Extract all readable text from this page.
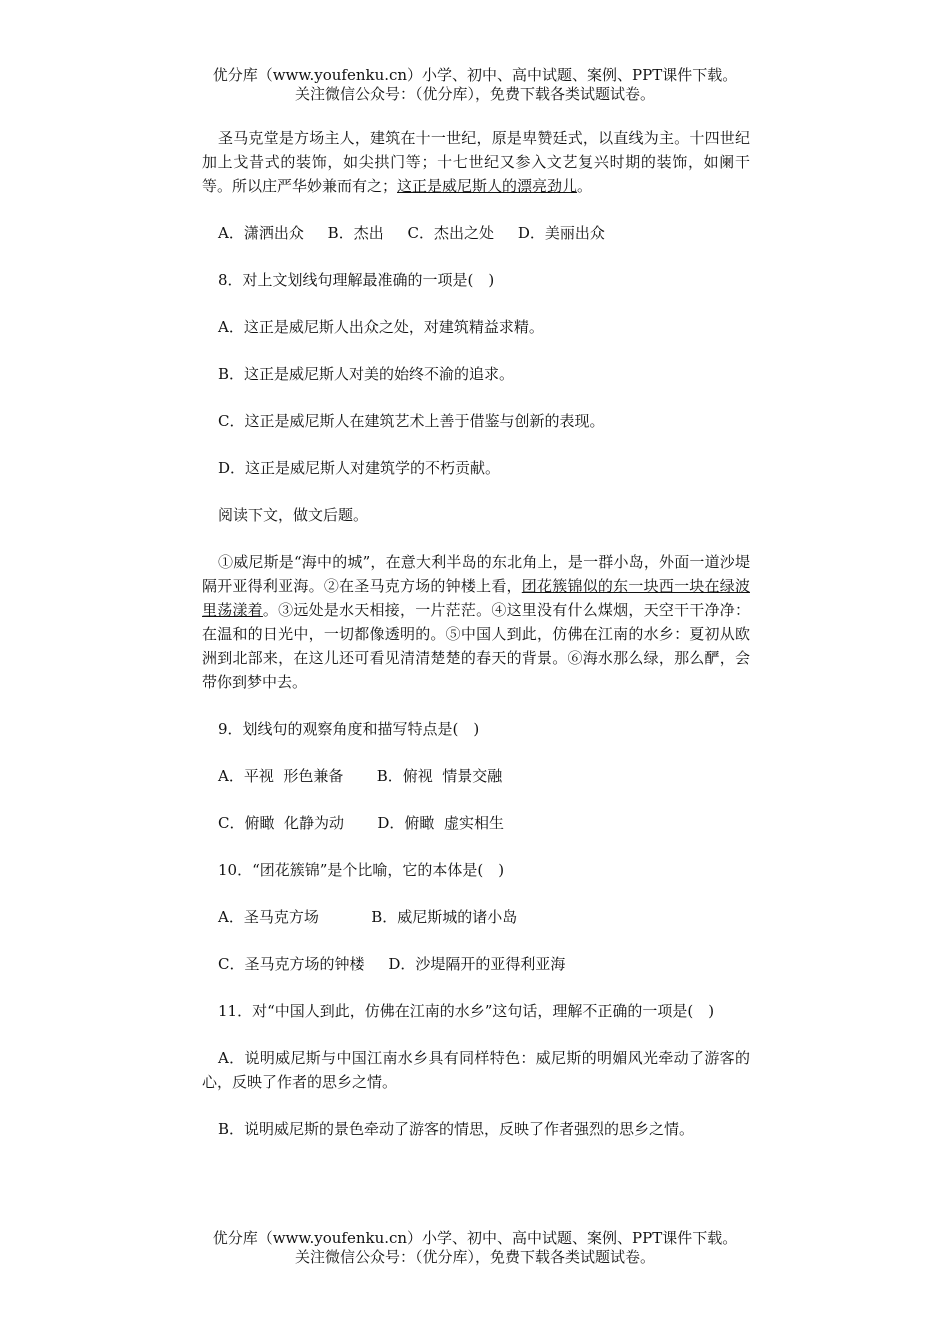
优分库（www.youfenku.cn）小学、初中、高中试题、案例、PPT课件下载。
关注微信公众号：（优分库），免费下载各类试题试卷。

圣马克堂是方场主人，建筑在十一世纪，原是卑赞廷式，以直线为主。十四世纪加上戈昔式的装饰，如尖拱门等；十七世纪又参入文艺复兴时期的装饰，如阑干等。所以庄严华妙兼而有之；这正是威尼斯人的漂亮劲儿。

A．潇洒出众     B．杰出     C．杰出之处     D．美丽出众

8．对上文划线句理解最准确的一项是(　)

A．这正是威尼斯人出众之处，对建筑精益求精。

B．这正是威尼斯人对美的始终不渝的追求。

C．这正是威尼斯人在建筑艺术上善于借鉴与创新的表现。

D．这正是威尼斯人对建筑学的不朽贡献。

阅读下文，做文后题。

①威尼斯是“海中的城”，在意大利半岛的东北角上，是一群小岛，外面一道沙堤隔开亚得利亚海。②在圣马克方场的钟楼上看，团花簇锦似的东一块西一块在绿波里荡漾着。③远处是水天相接，一片茫茫。④这里没有什么煤烟，天空干干净净：在温和的日光中，一切都像透明的。⑤中国人到此，仿佛在江南的水乡：夏初从欧洲到北部来，在这儿还可看见清清楚楚的春天的背景。⑥海水那么绿，那么酽，会带你到梦中去。

9．划线句的观察角度和描写特点是(　)

A．平视  形色兼备       B．俯视  情景交融

C．俯瞰  化静为动       D．俯瞰  虚实相生

10．“团花簇锦”是个比喻，它的本体是(　)

A．圣马克方场           B．威尼斯城的诸小岛

C．圣马克方场的钟楼     D．沙堤隔开的亚得利亚海

11．对“中国人到此，仿佛在江南的水乡”这句话，理解不正确的一项是(　)

A．说明威尼斯与中国江南水乡具有同样特色：威尼斯的明媚风光牵动了游客的心，反映了作者的思乡之情。

B．说明威尼斯的景色牵动了游客的情思，反映了作者强烈的思乡之情。

优分库（www.youfenku.cn）小学、初中、高中试题、案例、PPT课件下载。
关注微信公众号：（优分库），免费下载各类试题试卷。
